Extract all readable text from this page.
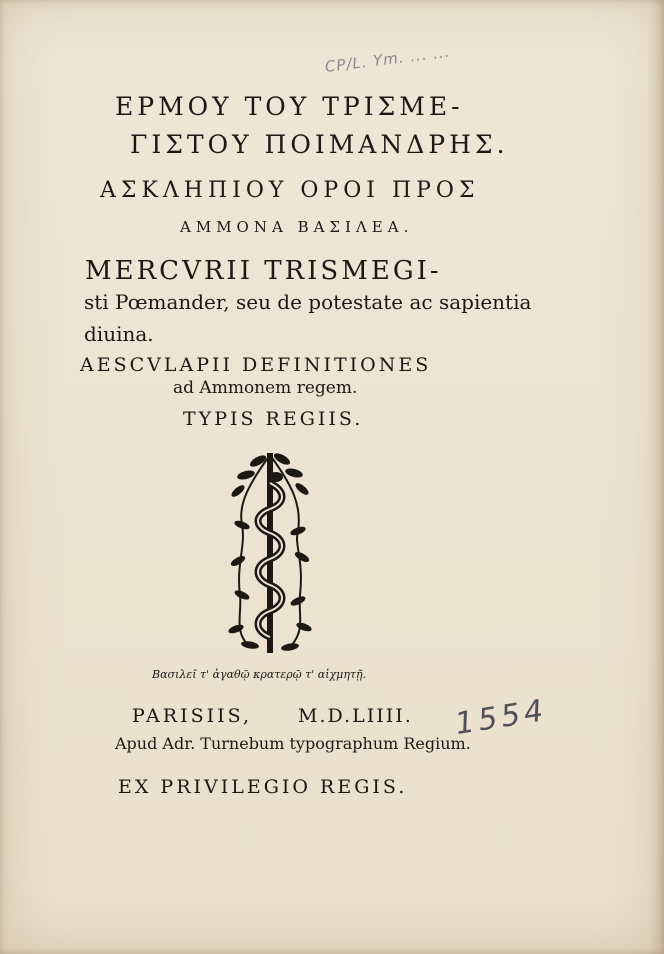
CP/L. Ym. ... ...
ΕΡΜΟΥ ΤΟΥ ΤΡΙΣΜΕ-
ΓΙΣΤΟΥ ΠΟΙΜΑΝΔΡΗΣ.
ΑΣΚΛΗΠΙΟΥ ΟΡΟΙ ΠΡΟΣ
ΑΜΜΟΝΑ ΒΑΣΙΛΕΑ.
MERCVRII TRISMEGI-
sti Pœmander, seu de potestate ac sapientia
diuina.
AESCVLAPII DEFINITIONES
ad Ammonem regem.
TYPIS REGIIS.
Βασιλεῖ τ' ἀγαθῷ κρατερῷ τ' αἰχμητῇ.
PARISIIS, M.D.LIIII. 1554
Apud Adr. Turnebum typographum Regium.
EX PRIVILEGIO REGIS.
